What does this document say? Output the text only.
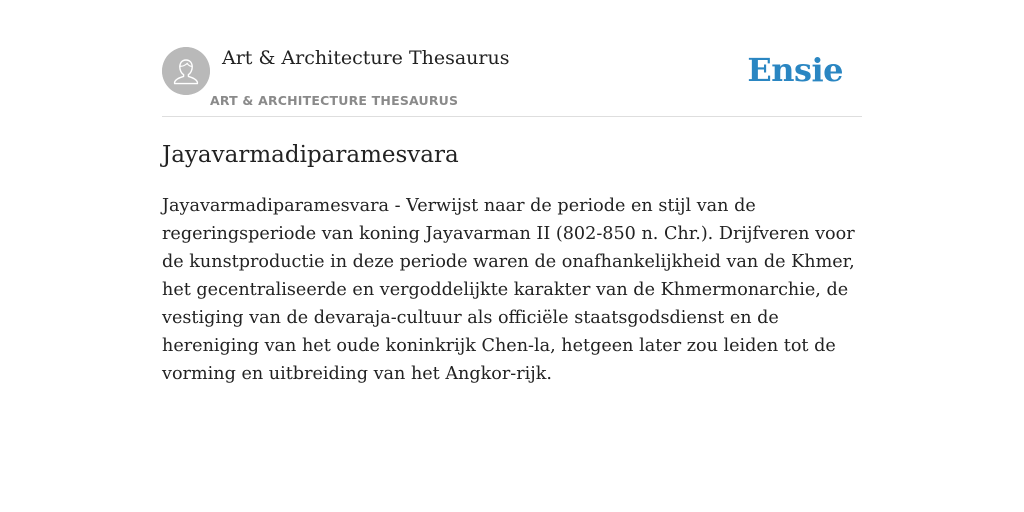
Art & Architecture Thesaurus
ART & ARCHITECTURE THESAURUS
Ensie
Jayavarmadiparamesvara

Jayavarmadiparamesvara - Verwijst naar de periode en stijl van de regeringsperiode van koning Jayavarman II (802-850 n. Chr.). Drijfveren voor de kunstproductie in deze periode waren de onafhankelijkheid van de Khmer, het gecentraliseerde en vergoddelijkte karakter van de Khmermonarchie, de vestiging van de devaraja-cultuur als officiële staatsgodsdienst en de hereniging van het oude koninkrijk Chen-la, hetgeen later zou leiden tot de vorming en uitbreiding van het Angkor-rijk.
